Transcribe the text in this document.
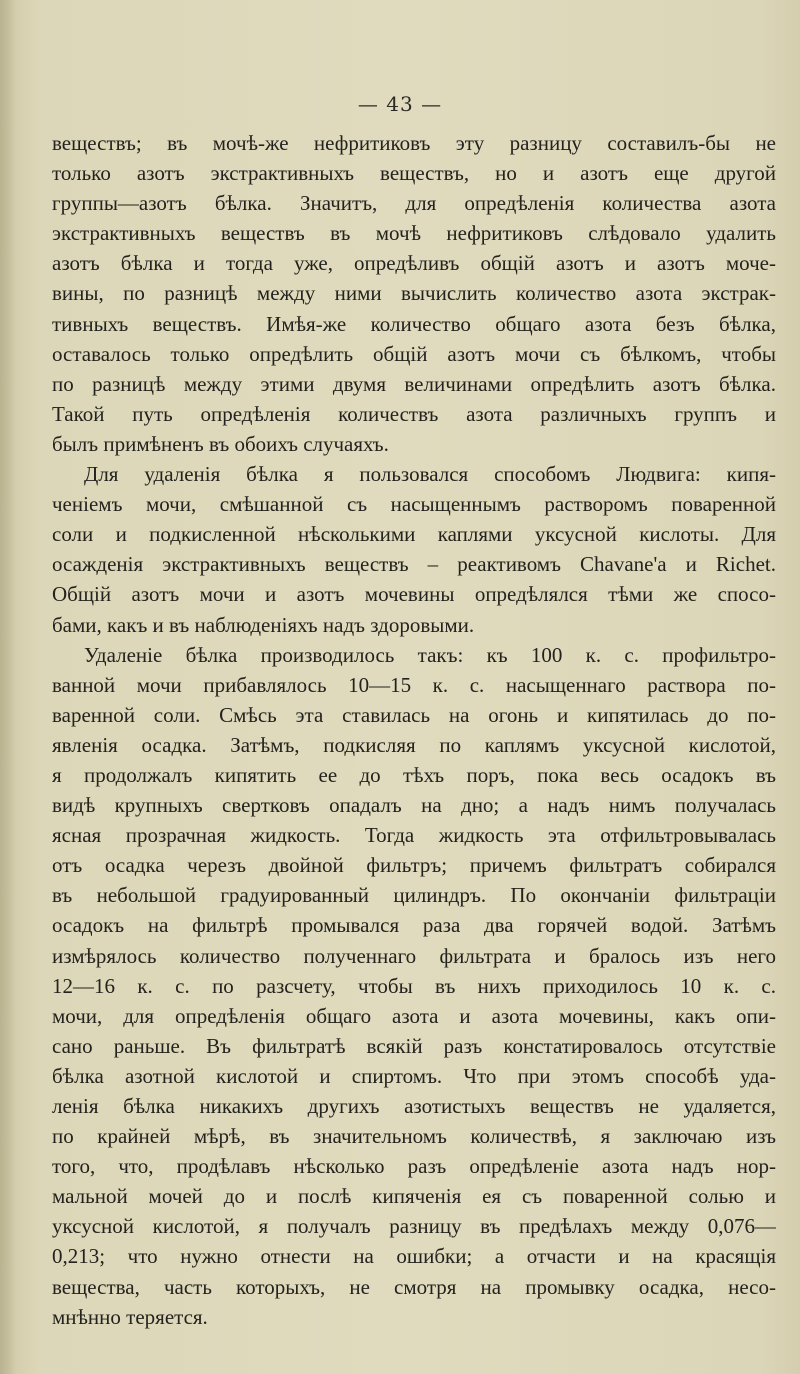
— 43 —
веществъ; въ мочѣ-же нефритиковъ эту разницу составилъ-бы не
только азотъ экстрактивныхъ веществъ, но и азотъ еще другой
группы—азотъ бѣлка. Значитъ, для опредѣленія количества азота
экстрактивныхъ веществъ въ мочѣ нефритиковъ слѣдовало удалить
азотъ бѣлка и тогда уже, опредѣливъ общій азотъ и азотъ моче-
вины, по разницѣ между ними вычислить количество азота экстрак-
тивныхъ веществъ. Имѣя-же количество общаго азота безъ бѣлка,
оставалось только опредѣлить общій азотъ мочи съ бѣлкомъ, чтобы
по разницѣ между этими двумя величинами опредѣлить азотъ бѣлка.
Такой путь опредѣленія количествъ азота различныхъ группъ и
былъ примѣненъ въ обоихъ случаяхъ.
Для удаленія бѣлка я пользовался способомъ Людвига: кипя-
ченіемъ мочи, смѣшанной съ насыщеннымъ растворомъ поваренной
соли и подкисленной нѣсколькими каплями уксусной кислоты. Для
осажденія экстрактивныхъ веществъ – реактивомъ Chavane'а и Richet.
Общій азотъ мочи и азотъ мочевины опредѣлялся тѣми же спосо-
бами, какъ и въ наблюденіяхъ надъ здоровыми.
Удаленіе бѣлка производилось такъ: къ 100 к. с. профильтро-
ванной мочи прибавлялось 10—15 к. с. насыщеннаго раствора по-
варенной соли. Смѣсь эта ставилась на огонь и кипятилась до по-
явленія осадка. Затѣмъ, подкисляя по каплямъ уксусной кислотой,
я продолжалъ кипятить ее до тѣхъ поръ, пока весь осадокъ въ
видѣ крупныхъ свертковъ опадалъ на дно; а надъ нимъ получалась
ясная прозрачная жидкость. Тогда жидкость эта отфильтровывалась
отъ осадка черезъ двойной фильтръ; причемъ фильтратъ собирался
въ небольшой градуированный цилиндръ. По окончаніи фильтраціи
осадокъ на фильтрѣ промывался раза два горячей водой. Затѣмъ
измѣрялось количество полученнаго фильтрата и бралось изъ него
12—16 к. с. по разсчету, чтобы въ нихъ приходилось 10 к. с.
мочи, для опредѣленія общаго азота и азота мочевины, какъ опи-
сано раньше. Въ фильтратѣ всякій разъ констатировалось отсутствіе
бѣлка азотной кислотой и спиртомъ. Что при этомъ способѣ уда-
ленія бѣлка никакихъ другихъ азотистыхъ веществъ не удаляется,
по крайней мѣрѣ, въ значительномъ количествѣ, я заключаю изъ
того, что, продѣлавъ нѣсколько разъ опредѣленіе азота надъ нор-
мальной мочей до и послѣ кипяченія ея съ поваренной солью и
уксусной кислотой, я получалъ разницу въ предѣлахъ между 0,076—
0,213; что нужно отнести на ошибки; а отчасти и на красящія
вещества, часть которыхъ, не смотря на промывку осадка, несо-
мнѣнно теряется.
